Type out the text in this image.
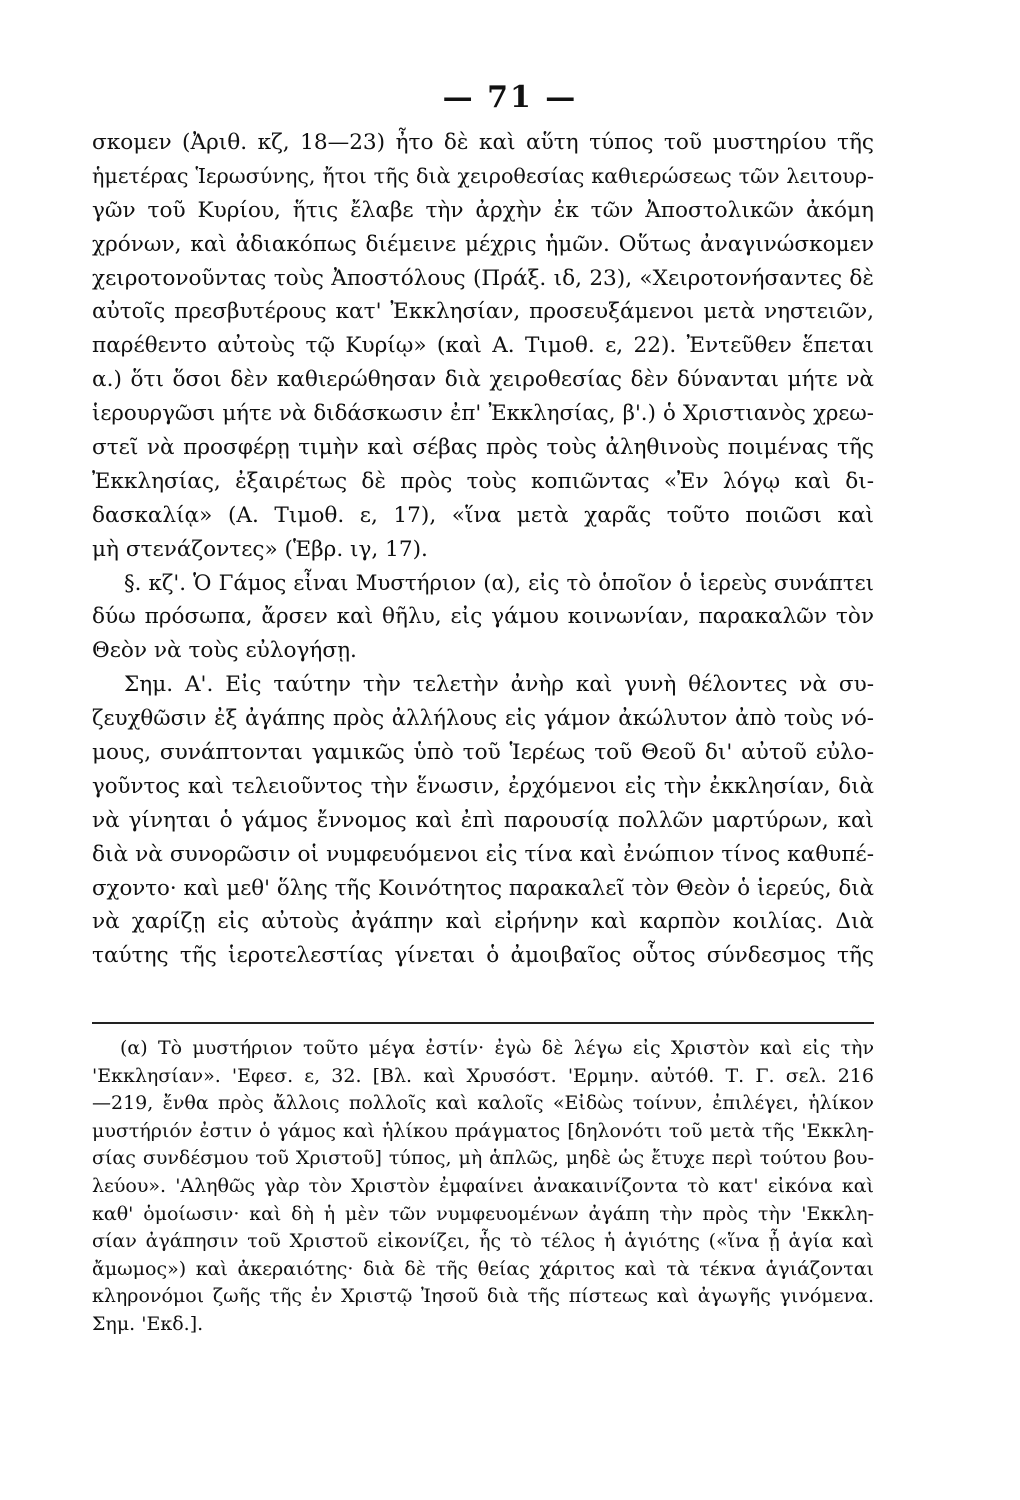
— 71 —
σκομεν (Ἀριθ. κζ, 18—23) ἦτο δὲ καὶ αὕτη τύπος τοῦ μυστηρίου τῆς
ἡμετέρας Ἱερωσύνης, ἤτοι τῆς διὰ χειροθεσίας καθιερώσεως τῶν λειτουρ-
γῶν τοῦ Κυρίου, ἥτις ἔλαβε τὴν ἀρχὴν ἐκ τῶν Ἀποστολικῶν ἀκόμη
χρόνων, καὶ ἀδιακόπως διέμεινε μέχρις ἡμῶν. Οὕτως ἀναγινώσκομεν
χειροτονοῦντας τοὺς Ἀποστόλους (Πράξ. ιδ, 23), «Χειροτονήσαντες δὲ
αὐτοῖς πρεσβυτέρους κατ' Ἐκκλησίαν, προσευξάμενοι μετὰ νηστειῶν,
παρέθεντο αὐτοὺς τῷ Κυρίῳ» (καὶ Α. Τιμοθ. ε, 22). Ἐντεῦθεν ἕπεται
α.) ὅτι ὅσοι δὲν καθιερώθησαν διὰ χειροθεσίας δὲν δύνανται μήτε νὰ
ἱερουργῶσι μήτε νὰ διδάσκωσιν ἐπ' Ἐκκλησίας, β'.) ὁ Χριστιανὸς χρεω-
στεῖ νὰ προσφέρῃ τιμὴν καὶ σέβας πρὸς τοὺς ἀληθινοὺς ποιμένας τῆς
Ἐκκλησίας, ἐξαιρέτως δὲ πρὸς τοὺς κοπιῶντας «Ἐν λόγῳ καὶ δι-
δασκαλίᾳ» (Α. Τιμοθ. ε, 17), «ἵνα μετὰ χαρᾶς τοῦτο ποιῶσι καὶ
μὴ στενάζοντες» (Ἑβρ. ιγ, 17).
§. κζ'. Ὁ Γάμος εἶναι Μυστήριον (α), εἰς τὸ ὁποῖον ὁ ἱερεὺς συνάπτει
δύω πρόσωπα, ἄρσεν καὶ θῆλυ, εἰς γάμου κοινωνίαν, παρακαλῶν τὸν
Θεὸν νὰ τοὺς εὐλογήσῃ.
Σημ. Α'. Εἰς ταύτην τὴν τελετὴν ἀνὴρ καὶ γυνὴ θέλοντες νὰ συ-
ζευχθῶσιν ἐξ ἀγάπης πρὸς ἀλλήλους εἰς γάμον ἀκώλυτον ἀπὸ τοὺς νό-
μους, συνάπτονται γαμικῶς ὑπὸ τοῦ Ἱερέως τοῦ Θεοῦ δι' αὐτοῦ εὐλο-
γοῦντος καὶ τελειοῦντος τὴν ἕνωσιν, ἐρχόμενοι εἰς τὴν ἐκκλησίαν, διὰ
νὰ γίνηται ὁ γάμος ἔννομος καὶ ἐπὶ παρουσίᾳ πολλῶν μαρτύρων, καὶ
διὰ νὰ συνορῶσιν οἱ νυμφευόμενοι εἰς τίνα καὶ ἐνώπιον τίνος καθυπέ-
σχοντο· καὶ μεθ' ὅλης τῆς Κοινότητος παρακαλεῖ τὸν Θεὸν ὁ ἱερεύς, διὰ
νὰ χαρίζῃ εἰς αὐτοὺς ἀγάπην καὶ εἰρήνην καὶ καρπὸν κοιλίας. Διὰ
ταύτης τῆς ἱεροτελεστίας γίνεται ὁ ἀμοιβαῖος οὗτος σύνδεσμος τῆς
(α) Τὸ μυστήριον τοῦτο μέγα ἐστίν· ἐγὼ δὲ λέγω εἰς Χριστὸν καὶ εἰς τὴν
'Εκκλησίαν». 'Εφεσ. ε, 32. [Βλ. καὶ Χρυσόστ. 'Ερμην. αὐτόθ. Τ. Γ. σελ. 216
—219, ἔνθα πρὸς ἄλλοις πολλοῖς καὶ καλοῖς «Εἰδὼς τοίνυν, ἐπιλέγει, ἡλίκον
μυστήριόν ἐστιν ὁ γάμος καὶ ἡλίκου πράγματος [δηλονότι τοῦ μετὰ τῆς 'Εκκλη-
σίας συνδέσμου τοῦ Χριστοῦ] τύπος, μὴ ἁπλῶς, μηδὲ ὡς ἔτυχε περὶ τούτου βου-
λεύου». 'Αληθῶς γὰρ τὸν Χριστὸν ἐμφαίνει ἀνακαινίζοντα τὸ κατ' εἰκόνα καὶ
καθ' ὁμοίωσιν· καὶ δὴ ἡ μὲν τῶν νυμφευομένων ἀγάπη τὴν πρὸς τὴν 'Εκκλη-
σίαν ἀγάπησιν τοῦ Χριστοῦ εἰκονίζει, ἧς τὸ τέλος ἡ ἁγιότης («ἵνα ᾖ ἁγία καὶ
ἄμωμος») καὶ ἀκεραιότης· διὰ δὲ τῆς θείας χάριτος καὶ τὰ τέκνα ἁγιάζονται
κληρονόμοι ζωῆς τῆς ἐν Χριστῷ Ἰησοῦ διὰ τῆς πίστεως καὶ ἀγωγῆς γινόμενα.
Σημ. 'Εκδ.].
